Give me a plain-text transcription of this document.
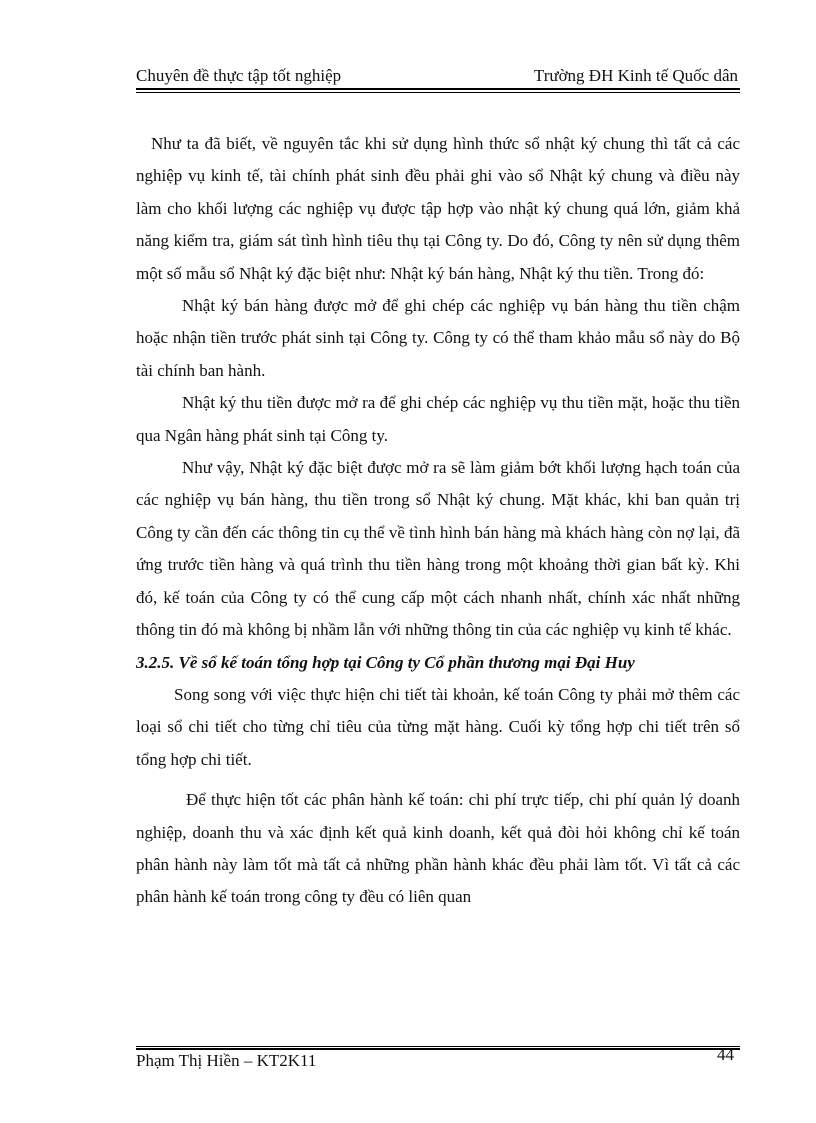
Chuyên đề thực tập tốt nghiệp	Trường ĐH Kinh tế Quốc dân

Như ta đã biết, về nguyên tắc khi sử dụng hình thức sổ nhật ký chung thì tất cả các nghiệp vụ kinh tế, tài chính phát sinh đều phải ghi vào sổ Nhật ký chung và điều này làm cho khối lượng các nghiệp vụ được tập hợp vào nhật ký chung quá lớn, giảm khả năng kiểm tra, giám sát tình hình tiêu thụ tại Công ty. Do đó, Công ty nên sử dụng thêm một số mẫu sổ Nhật ký đặc biệt như: Nhật ký bán hàng, Nhật ký thu tiền. Trong đó:

Nhật ký bán hàng được mở để ghi chép các nghiệp vụ bán hàng thu tiền chậm hoặc nhận tiền trước phát sinh tại Công ty. Công ty có thể tham khảo mẫu sổ này do Bộ tài chính ban hành.

Nhật ký thu tiền được mở ra để ghi chép các nghiệp vụ thu tiền mặt, hoặc thu tiền qua Ngân hàng phát sinh tại Công ty.

Như vậy, Nhật ký đặc biệt được mở ra sẽ làm giảm bớt khối lượng hạch toán của các nghiệp vụ bán hàng, thu tiền trong sổ Nhật ký chung. Mặt khác, khi ban quản trị Công ty cần đến các thông tin cụ thể về tình hình bán hàng mà khách hàng còn nợ lại, đã ứng trước tiền hàng và quá trình thu tiền hàng trong một khoảng thời gian bất kỳ. Khi đó, kế toán của Công ty có thể cung cấp một cách nhanh nhất, chính xác nhất những thông tin đó mà không bị nhầm lẫn với những thông tin của các nghiệp vụ kinh tế khác.

3.2.5. Về sổ kế toán tổng hợp tại Công ty Cổ phần thương mại Đại Huy

Song song với việc thực hiện chi tiết tài khoản, kế toán Công ty phải mở thêm các loại sổ chi tiết cho từng chỉ tiêu của từng mặt hàng. Cuối kỳ tổng hợp chi tiết trên sổ tổng hợp chi tiết.

Để thực hiện tốt các phân hành kế toán: chi phí trực tiếp, chi phí quản lý doanh nghiệp, doanh thu và xác định kết quả kinh doanh, kết quả đòi hỏi không chỉ kế toán phân hành này làm tốt mà tất cả những phần hành khác đều phải làm tốt. Vì tất cả các phân hành kế toán trong công ty đều có liên quan

Phạm Thị Hiền – KT2K11	44
